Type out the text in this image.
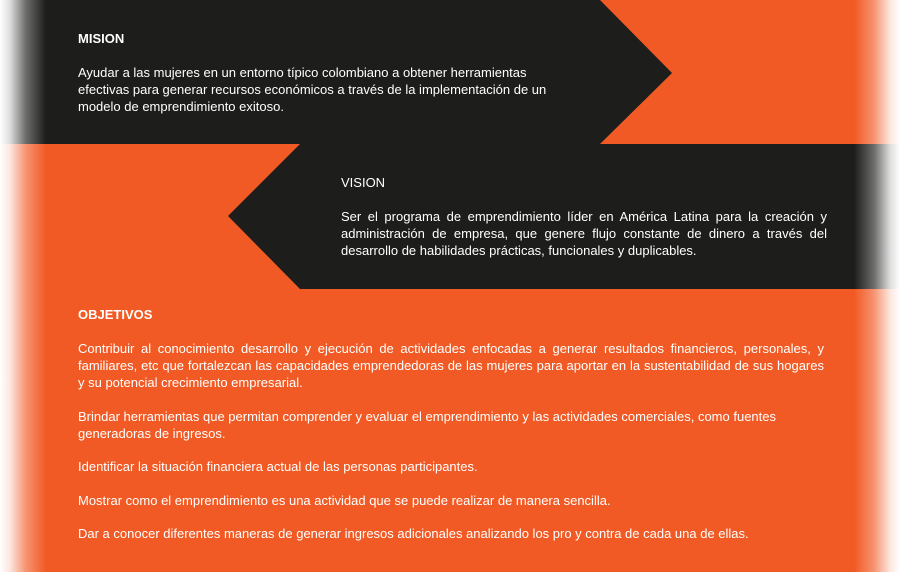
MISION

Ayudar a las mujeres en un entorno típico colombiano a obtener herramientas efectivas para generar recursos económicos a través de la implementación de un modelo de emprendimiento exitoso.

VISION

Ser el programa de emprendimiento líder en América Latina para la creación y administración de empresa, que genere flujo constante de dinero a través del desarrollo de habilidades prácticas, funcionales y duplicables.

OBJETIVOS

Contribuir al conocimiento desarrollo y ejecución de actividades enfocadas a generar resultados financieros, personales, y familiares, etc que fortalezcan las capacidades emprendedoras de las mujeres para aportar en la sustentabilidad de sus hogares y su potencial crecimiento empresarial.

Brindar herramientas que permitan comprender y evaluar el emprendimiento y las actividades comerciales, como fuentes generadoras de ingresos.

Identificar la situación financiera actual de las personas participantes.

Mostrar como el emprendimiento es una actividad que se puede realizar de manera sencilla.

Dar a conocer diferentes maneras de generar ingresos adicionales analizando los pro y contra de cada una de ellas.
